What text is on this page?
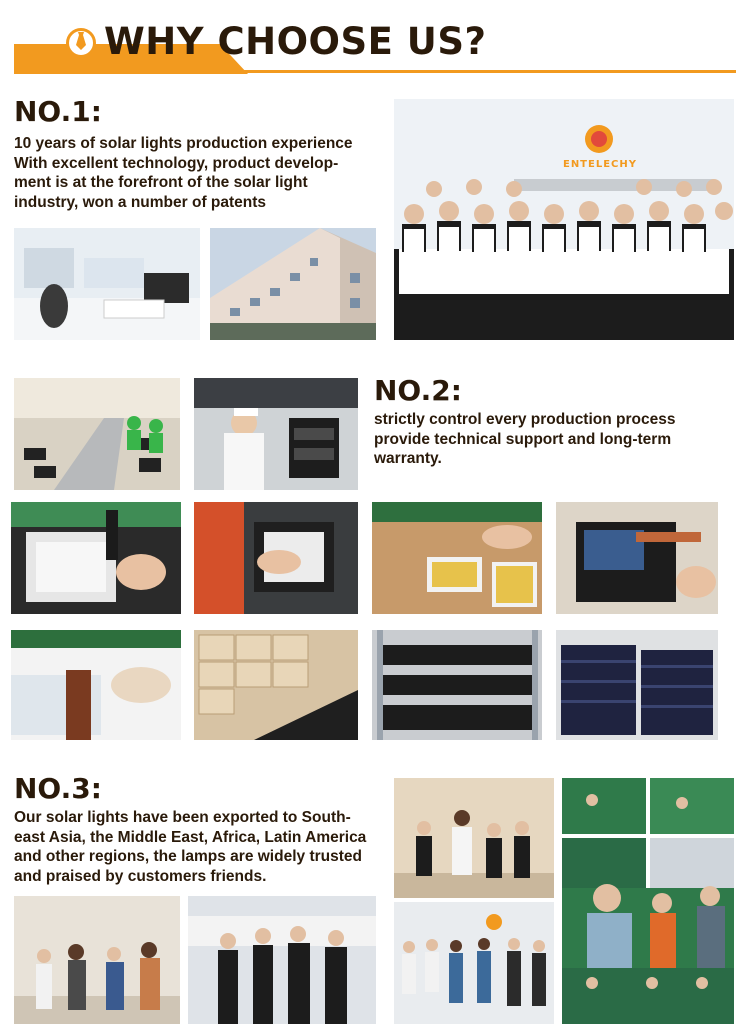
WHY CHOOSE US?
NO.1:
10 years of solar lights production experience
With excellent technology, product develop-
ment is at the forefront of the solar light
industry, won a number of patents
ENTELECHY
NO.2:
strictly control every production process
provide technical support and long-term
warranty.
NO.3:
Our solar lights have been exported to South-
east Asia, the Middle East, Africa, Latin America
and other regions, the lamps are widely trusted
and praised by customers friends.
